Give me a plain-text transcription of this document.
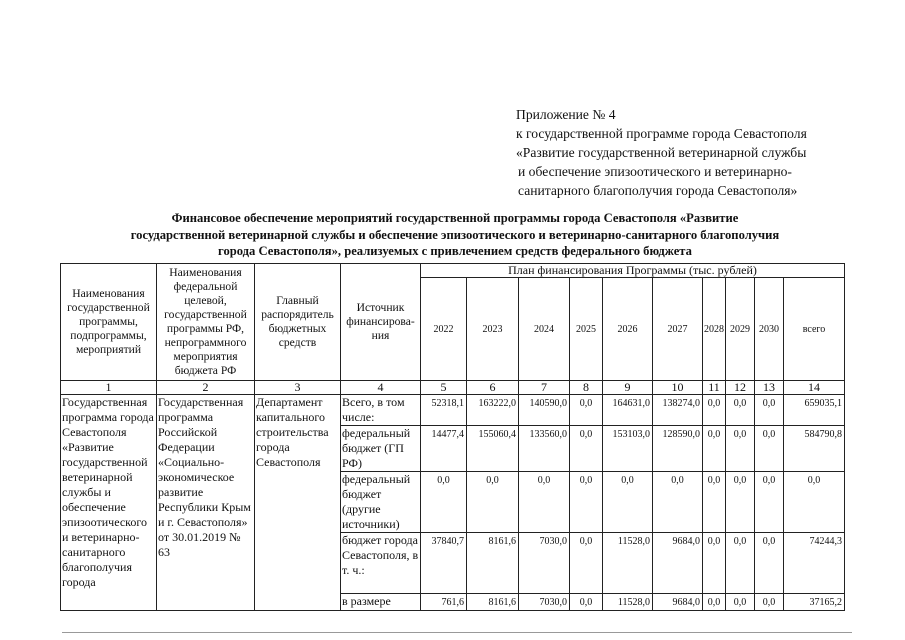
Приложение № 4
к государственной программе города Севастополя
«Развитие государственной ветеринарной службы
и обеспечение эпизоотического и ветеринарно-
санитарного благополучия города Севастополя»
Финансовое обеспечение мероприятий государственной программы города Севастополя «Развитие
государственной ветеринарной службы и обеспечение эпизоотического и ветеринарно-санитарного благополучия
города Севастополя», реализуемых с привлечением средств федерального бюджета
Наименования государственной программы, подпрограммы, мероприятий	Наименования федеральной целевой, государственной программы РФ, непрограммного мероприятия бюджета РФ	Главный распорядитель бюджетных средств	Источник финансирова-ния	План финансирования Программы (тыс. рублей)									
				2022	2023	2024	2025	2026	2027	2028	2029	2030	всего
1	2	3	4	5	6	7	8	9	10	11	12	13	14
Государственная программа города Севастополя «Развитие государственной ветеринарной службы и обеспечение эпизоотического и ветеринарно-санитарного благополучия города	Государственная программа Российской Федерации «Социально-экономическое развитие Республики Крым и г. Севастополя» от 30.01.2019 № 63	Департамент капитального строительства города Севастополя	Всего, в том числе:	52318,1	163222,0	140590,0	0,0	164631,0	138274,0	0,0	0,0	0,0	659035,1
			федеральный бюджет (ГП РФ)	14477,4	155060,4	133560,0	0,0	153103,0	128590,0	0,0	0,0	0,0	584790,8
			федеральный бюджет (другие источники)	0,0	0,0	0,0	0,0	0,0	0,0	0,0	0,0	0,0	0,0
			бюджет города Севастополя, в т. ч.:	37840,7	8161,6	7030,0	0,0	11528,0	9684,0	0,0	0,0	0,0	74244,3
			в размере	761,6	8161,6	7030,0	0,0	11528,0	9684,0	0,0	0,0	0,0	37165,2
